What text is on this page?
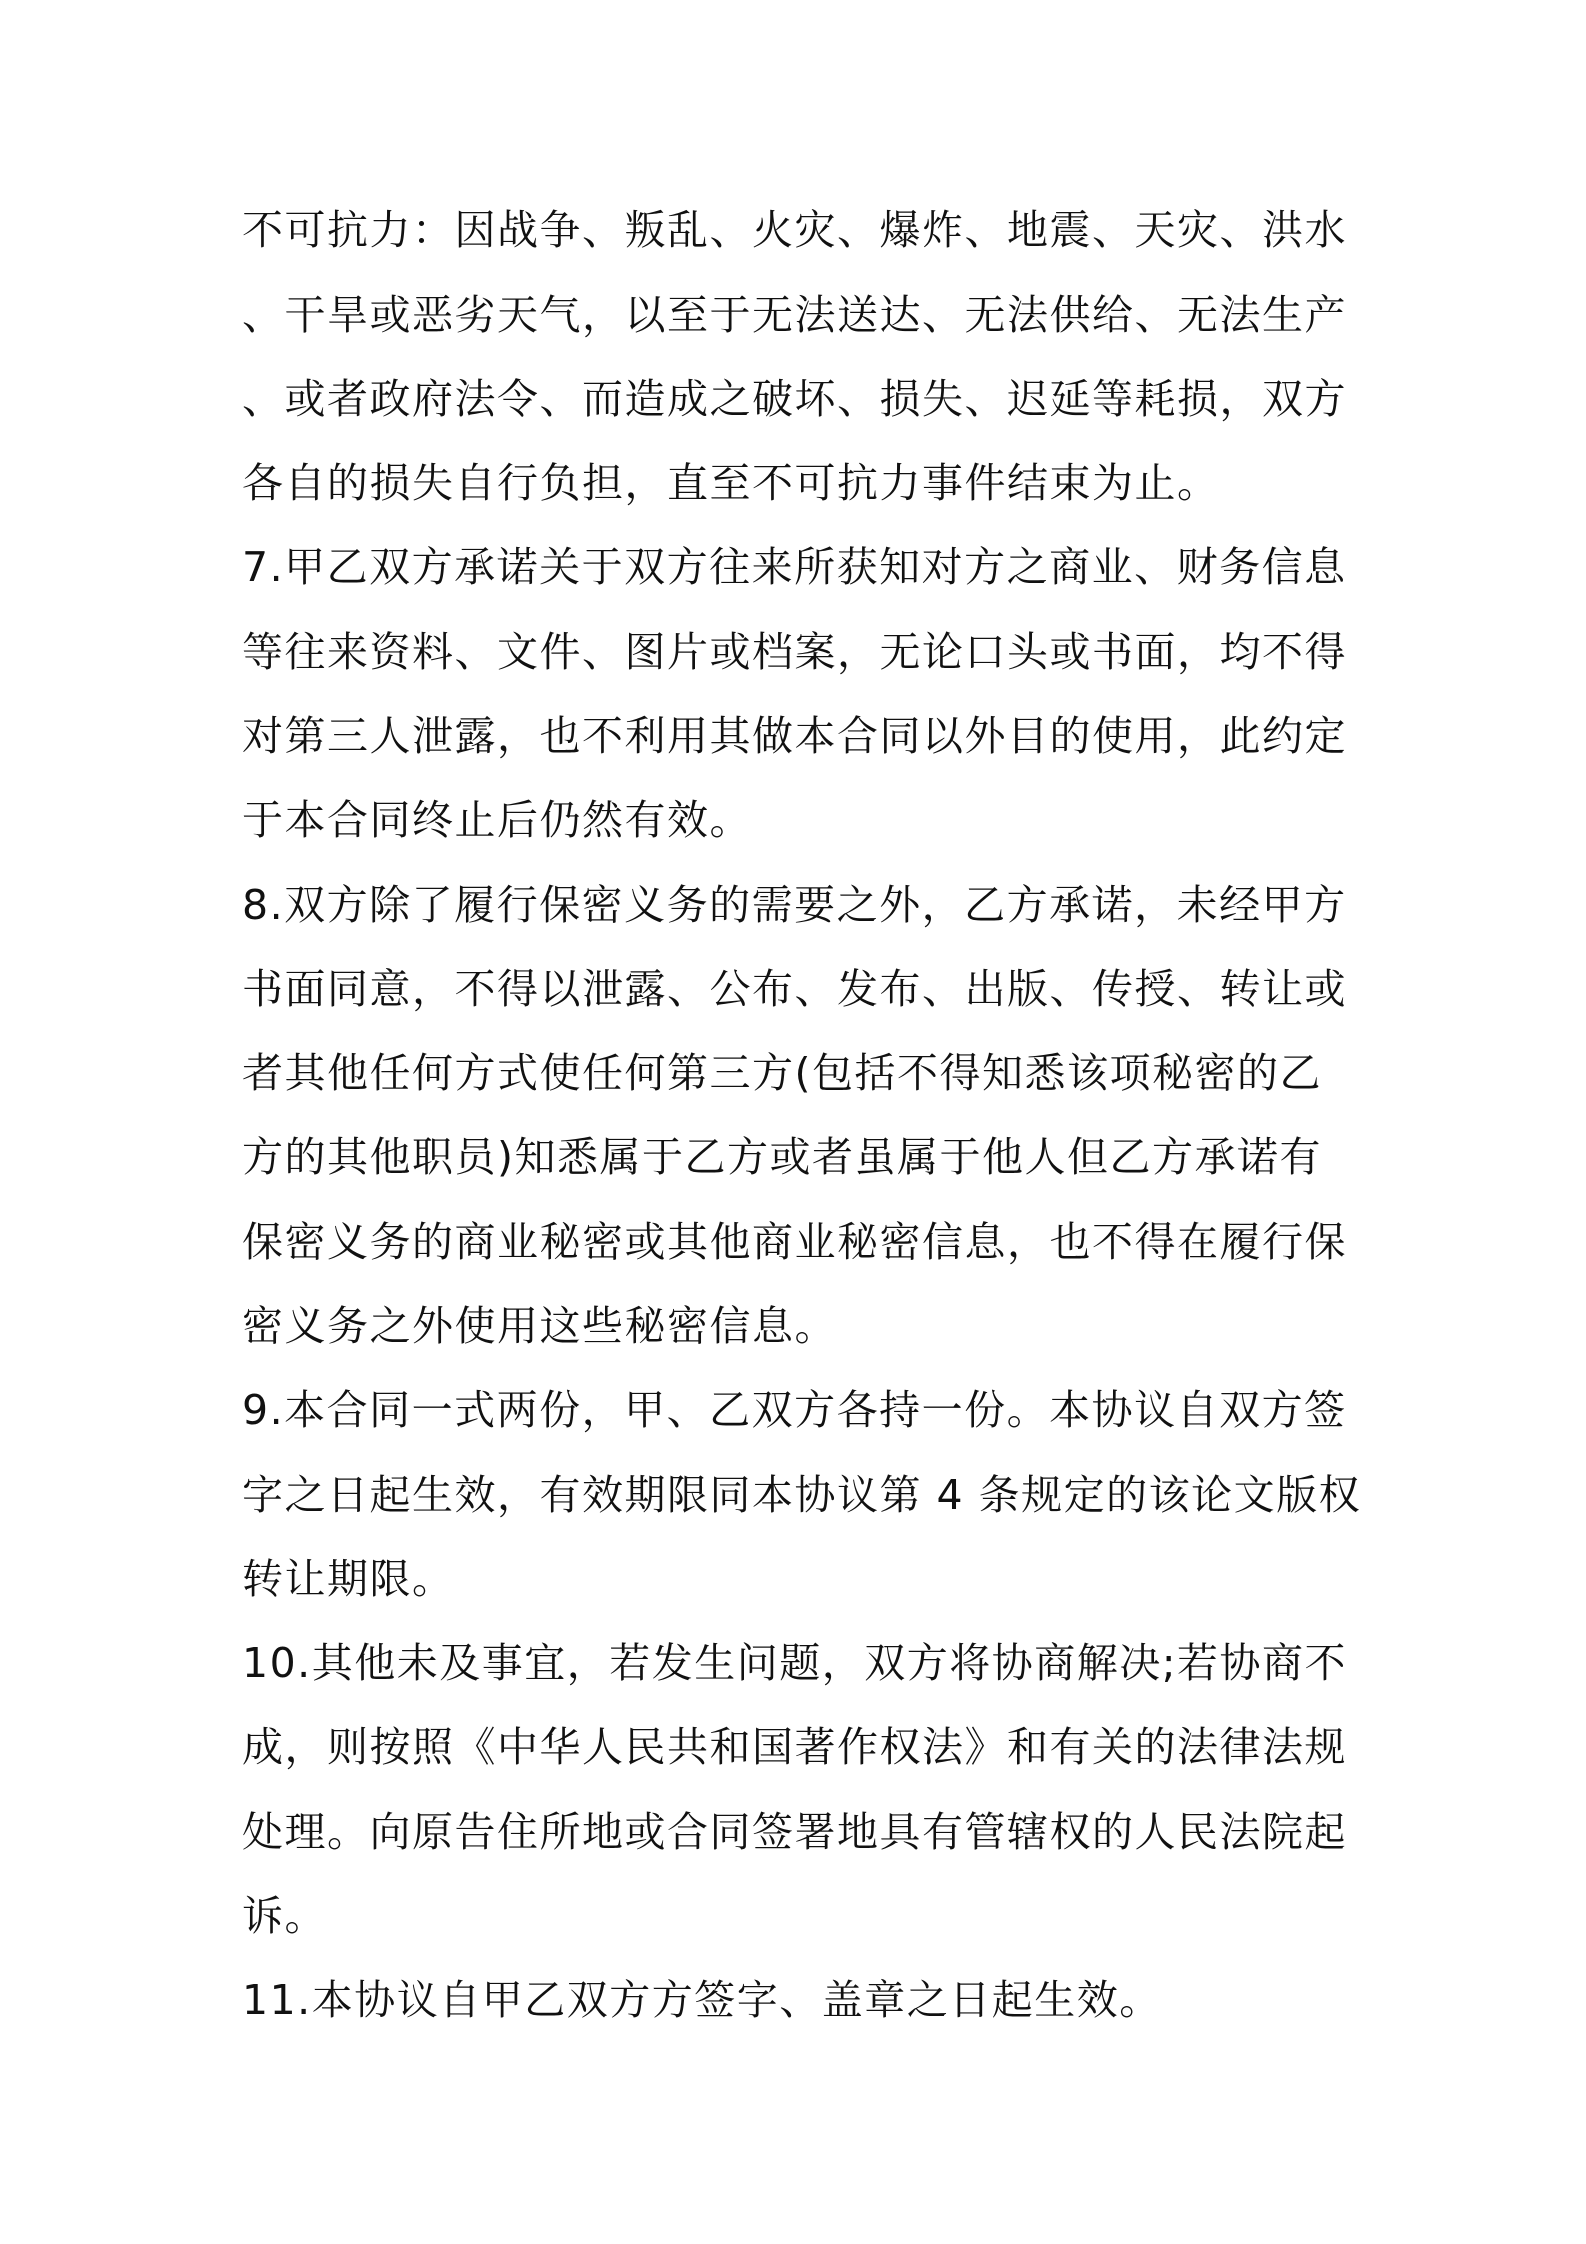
不可抗力：因战争、叛乱、火灾、爆炸、地震、天灾、洪水
、干旱或恶劣天气，以至于无法送达、无法供给、无法生产
、或者政府法令、而造成之破坏、损失、迟延等耗损，双方
各自的损失自行负担，直至不可抗力事件结束为止。
7.甲乙双方承诺关于双方往来所获知对方之商业、财务信息
等往来资料、文件、图片或档案，无论口头或书面，均不得
对第三人泄露，也不利用其做本合同以外目的使用，此约定
于本合同终止后仍然有效。
8.双方除了履行保密义务的需要之外，乙方承诺，未经甲方
书面同意，不得以泄露、公布、发布、出版、传授、转让或
者其他任何方式使任何第三方(包括不得知悉该项秘密的乙
方的其他职员)知悉属于乙方或者虽属于他人但乙方承诺有
保密义务的商业秘密或其他商业秘密信息，也不得在履行保
密义务之外使用这些秘密信息。
9.本合同一式两份，甲、乙双方各持一份。本协议自双方签
字之日起生效，有效期限同本协议第 4 条规定的该论文版权
转让期限。
10.其他未及事宜，若发生问题，双方将协商解决;若协商不
成，则按照《中华人民共和国著作权法》和有关的法律法规
处理。向原告住所地或合同签署地具有管辖权的人民法院起
诉。
11.本协议自甲乙双方方签字、盖章之日起生效。
